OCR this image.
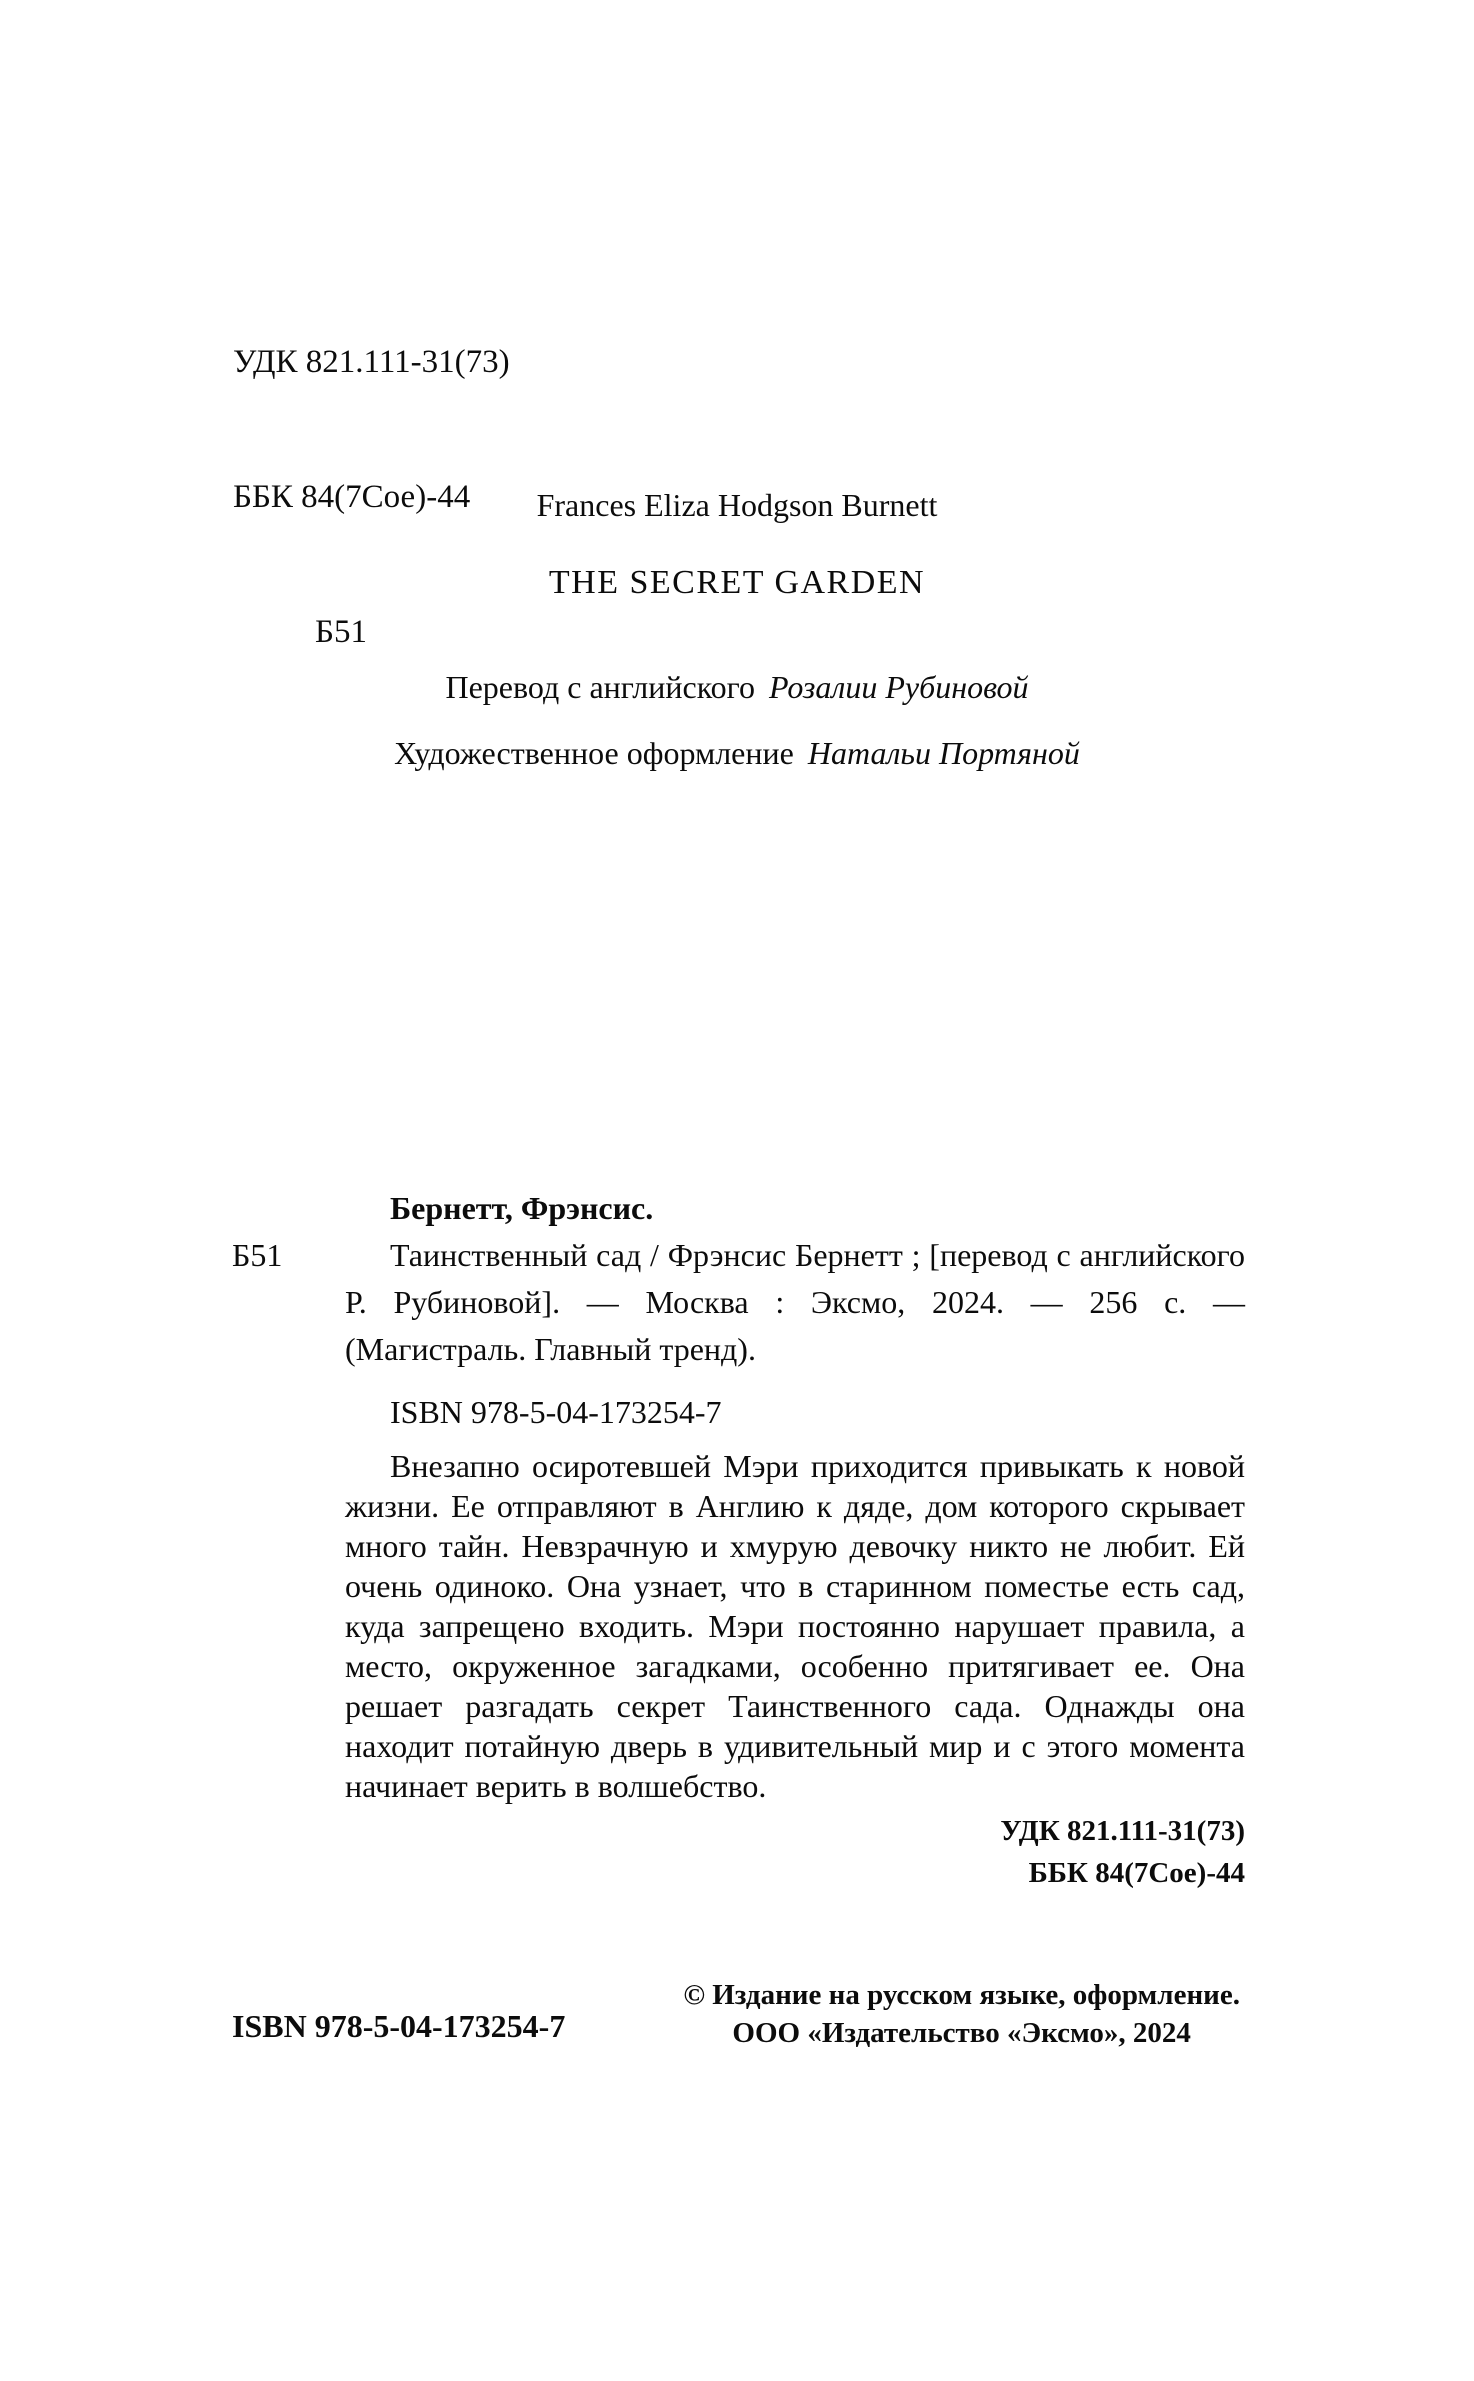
УДК 821.111-31(73)

ББК 84(7Сое)-44

Б51

Frances Eliza Hodgson Burnett
THE SECRET GARDEN
Перевод с английского Розалии Рубиновой
Художественное оформление Натальи Портяной
Б51
Бернетт, Фрэнсис.
Таинственный сад / Фрэнсис Бернетт ; [перевод с английского Р. Рубиновой]. — Москва : Эксмо, 2024. — 256 с. — (Магистраль. Главный тренд).
ISBN 978-5-04-173254-7
Внезапно осиротевшей Мэри приходится привыкать к новой жизни. Ее отправляют в Англию к дяде, дом которого скрывает много тайн. Невзрачную и хмурую девочку никто не любит. Ей очень одиноко. Она узнает, что в старинном поместье есть сад, куда запрещено входить. Мэри постоянно нарушает правила, а место, окруженное загадками, особенно притягивает ее. Она решает разгадать секрет Таинственного сада. Однажды она находит потайную дверь в удивительный мир и с этого момента начинает верить в волшебство.
УДК 821.111-31(73)
ББК 84(7Сое)-44
ISBN 978-5-04-173254-7
© Издание на русском языке, оформление.
ООО «Издательство «Эксмо», 2024
